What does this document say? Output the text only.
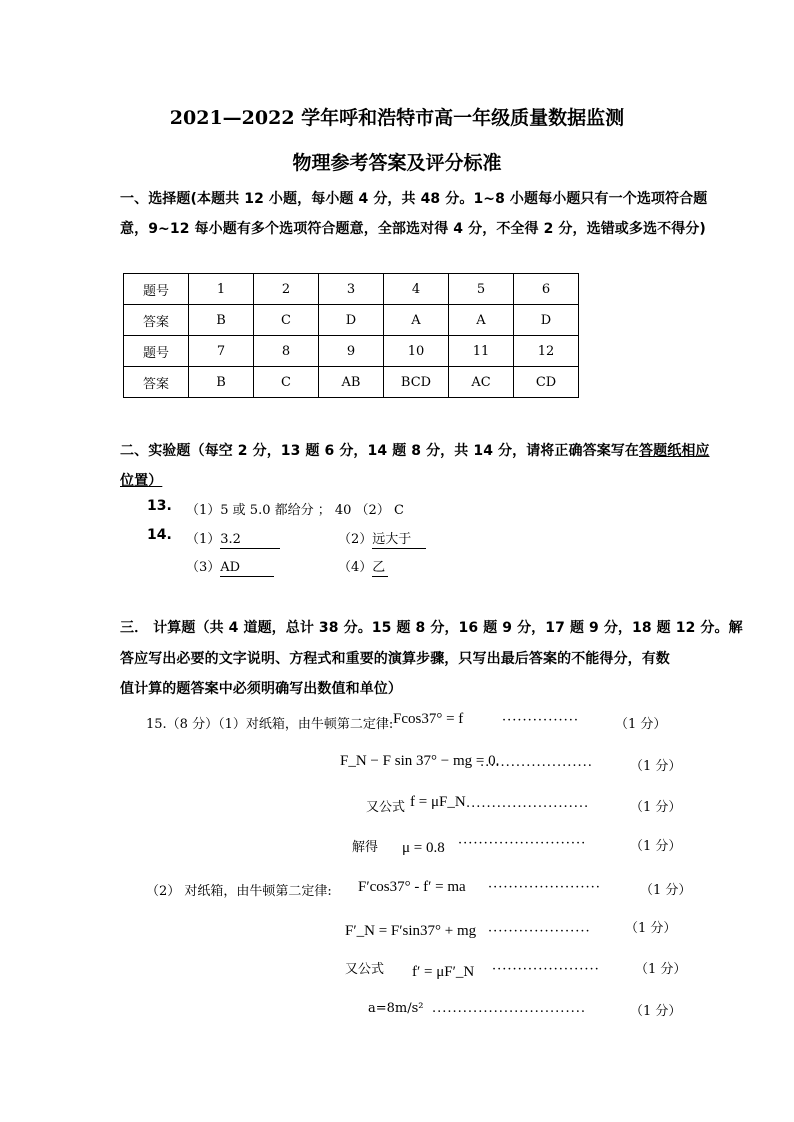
2021—2022 学年呼和浩特市高一年级质量数据监测
物理参考答案及评分标准
一、选择题(本题共 12 小题，每小题 4 分，共 48 分。1~8 小题每小题只有一个选项符合题
意，9~12 每小题有多个选项符合题意，全部选对得 4 分，不全得 2 分，选错或多选不得分)
题号	1	2	3	4	5	6
答案	B	C	D	A	A	D
题号	7	8	9	10	11	12
答案	B	C	AB	BCD	AC	CD
二、实验题（每空 2 分，13 题 6 分，14 题 8 分，共 14 分，请将正确答案写在答题纸相应
位置）
13. （1）5 或 5.0 都给分 ； 40 （2） C
14. （1）3.2	（2）远大于
（3）AD	（4）乙
三． 计算题（共 4 道题，总计 38 分。15 题 8 分，16 题 9 分，17 题 9 分，18 题 12 分。解
答应写出必要的文字说明、方程式和重要的演算步骤，只写出最后答案的不能得分，有数
值计算的题答案中必须明确写出数值和单位）
15.（8 分）（1）对纸箱，由牛顿第二定律: Fcos37° = f	···············	（1 分）
F_N − F sin 37° − mg = 0.
......................	（1 分）
又公式 f = μF_N ........................	（1 分）
解得 μ = 0.8 ·························	（1 分）
（2） 对纸箱，由牛顿第二定律: F′cos37° - f′ = ma ······················	（1 分）
F′_N = F′sin37° + mg ····················	（1 分）
又公式 f′ = μF′_N ·····················	（1 分）
a=8m/s² ..............................	（1 分）
